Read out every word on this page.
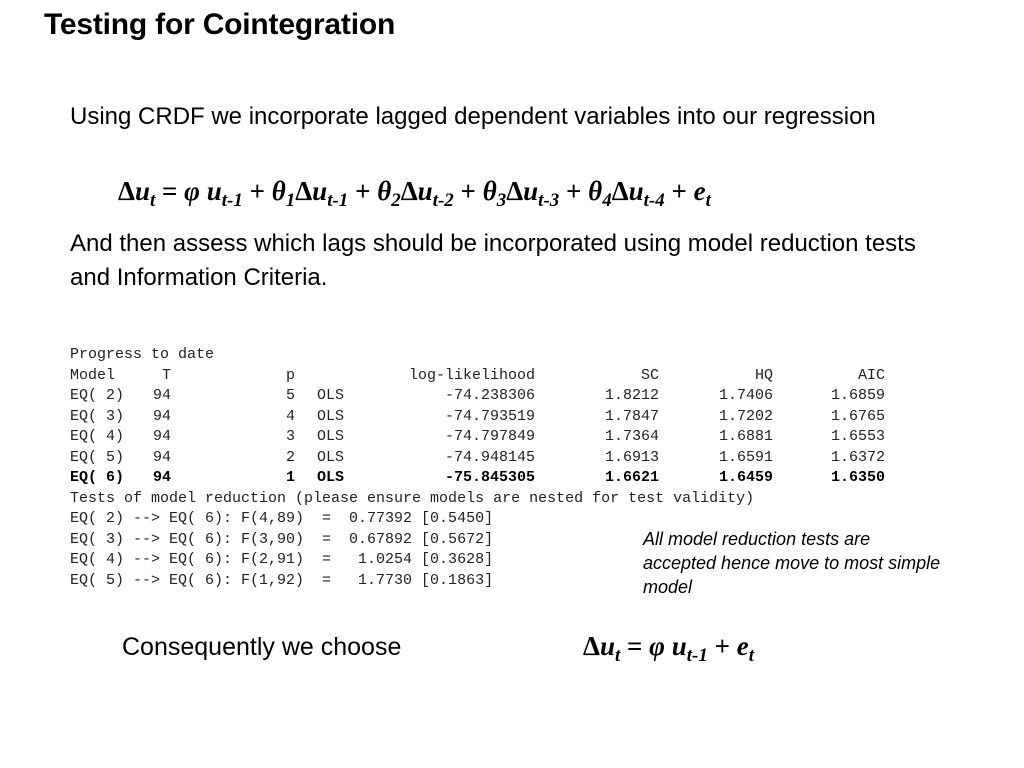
Testing for Cointegration
Using CRDF we incorporate lagged dependent variables into our regression
$\Delta u_t = \varphi$ $u_{t-1} + \theta_1\Delta u_{t-1} + \theta_2\Delta u_{t-2} + \theta_3\Delta u_{t-3} + \theta_4\Delta u_{t-4} + e_t$
And then assess which lags should be incorporated using model reduction tests and Information Criteria.
Progress to date
Model	T	p	log-likelihood	SC	HQ	AIC
EQ( 2) 94	5 OLS	-74.238306	1.8212	1.7406	1.6859
EQ( 3) 94	4 OLS	-74.793519	1.7847	1.7202	1.6765
EQ( 4) 94	3 OLS	-74.797849	1.7364	1.6881	1.6553
EQ( 5) 94	2 OLS	-74.948145	1.6913	1.6591	1.6372
EQ( 6) 94	1 OLS	-75.845305	1.6621	1.6459	1.6350
Tests of model reduction (please ensure models are nested for test validity)
EQ( 2) --> EQ( 6): F(4,89)  =  0.77392 [0.5450]
EQ( 3) --> EQ( 6): F(3,90)  =  0.67892 [0.5672]
EQ( 4) --> EQ( 6): F(2,91)  =   1.0254 [0.3628]
EQ( 5) --> EQ( 6): F(1,92)  =   1.7730 [0.1863]
All model reduction tests are accepted hence move to most simple model
Consequently we choose	$\Delta u_t = \varphi$ $u_{t-1} + e_t$
